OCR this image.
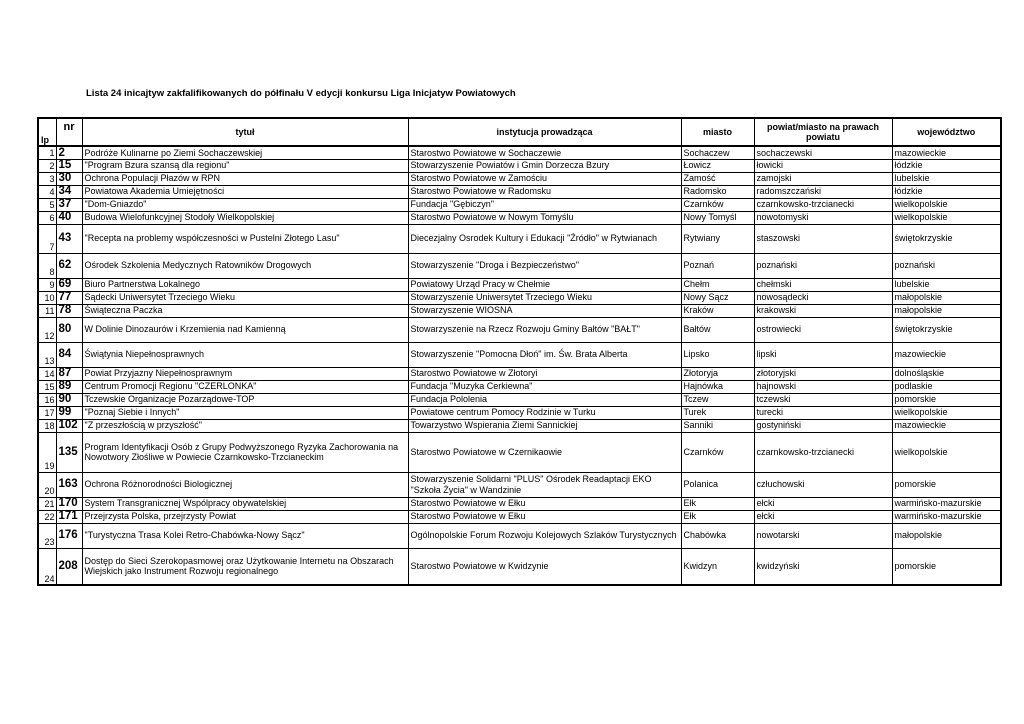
Lista 24 inicajtyw zakfalifikowanych do półfinału V edycji konkursu Liga Inicjatyw Powiatowych
lp	nr	tytuł	instytucja prowadząca	miasto	powiat/miasto na prawach powiatu	województwo
1	2	Podróże Kulinarne po Ziemi Sochaczewskiej	Starostwo Powiatowe w Sochaczewie	Sochaczew	sochaczewski	mazowieckie
2	15	"Program Bzura szansą dla regionu"	Stowarzyszenie Powiatów i Gmin Dorzecza Bzury	Łowicz	łowicki	łódzkie
3	30	Ochrona Populacji Płazów w RPN	Starostwo Powiatowe w Zamościu	Zamość	zamojski	lubelskie
4	34	Powiatowa Akademia Umiejętności	Starostwo Powiatowe w Radomsku	Radomsko	radomszczański	łódzkie
5	37	"Dom-Gniazdo"	Fundacja "Gębiczyn"	Czarnków	czarnkowsko-trzcianecki	wielkopolskie
6	40	Budowa Wielofunkcyjnej Stodoły Wielkopolskiej	Starostwo Powiatowe w Nowym Tomyślu	Nowy Tomyśl	nowotomyski	wielkopolskie
7	43	"Recepta na problemy współczesności w Pustelni Złotego Lasu"	Diecezjalny Osrodek Kultury i Edukacji "Źródło" w Rytwianach	Rytwiany	staszowski	świętokrzyskie
8	62	Ośrodek Szkolenia Medycznych Ratowników Drogowych	Stowarzyszenie "Droga i Bezpieczeństwo"	Poznań	poznański	poznański
9	69	Biuro Partnerstwa Lokalnego	Powiatowy Urząd Pracy w Chełmie	Chełm	chełmski	lubelskie
10	77	Sądecki Uniwersytet Trzeciego Wieku	Stowarzyszenie Uniwersytet Trzeciego Wieku	Nowy Sącz	nowosądecki	małopolskie
11	78	Świąteczna Paczka	Stowarzyszenie WIOSNA	Kraków	krakowski	małopolskie
12	80	W Dolinie Dinozaurów i Krzemienia nad Kamienną	Stowarzyszenie na Rzecz Rozwoju Gminy Bałtów "BAŁT"	Bałtów	ostrowiecki	świętokrzyskie
13	84	Świątynia Niepełnosprawnych	Stowarzyszenie "Pomocna Dłoń" im. Św. Brata Alberta	Lipsko	lipski	mazowieckie
14	87	Powiat Przyjazny Niepełnosprawnym	Starostwo Powiatowe w Złotoryi	Złotoryja	złotoryjski	dolnośląskie
15	89	Centrum Promocji Regionu "CZERLONKA"	Fundacja "Muzyka Cerkiewna"	Hajnówka	hajnowski	podlaskie
16	90	Tczewskie Organizacje Pozarządowe-TOP	Fundacja Pololenia	Tczew	tczewski	pomorskie
17	99	"Poznaj Siebie i Innych"	Powiatowe centrum Pomocy Rodzinie w Turku	Turek	turecki	wielkopolskie
18	102	"Z przeszłością w przyszłość"	Towarzystwo Wspierania Ziemi Sannickiej	Sanniki	gostyniński	mazowieckie
19	135	Program Identyfikacji Osób z Grupy Podwyższonego Ryzyka Zachorowania na Nowotwory Złośliwe w Powiecie Czarnkowsko-Trzcianeckim	Starostwo Powiatowe w Czernikaowie	Czarnków	czarnkowsko-trzcianecki	wielkopolskie
20	163	Ochrona Różnorodności Biologicznej	Stowarzyszenie Solidarni "PLUS" Ośrodek Readaptacji EKO "Szkoła Życia" w Wandzinie	Polanica	człuchowski	pomorskie
21	170	System Transgranicznej Wspólpracy obywatelskiej	Starostwo Powiatowe w Ełku	Ełk	ełcki	warmińsko-mazurskie
22	171	Przejrzysta Polska, przejrzysty Powiat	Starostwo Powiatowe w Ełku	Ełk	ełcki	warmińsko-mazurskie
23	176	"Turystyczna Trasa Kolei Retro-Chabówka-Nowy Sącz"	Ogólnopolskie Forum Rozwoju Kolejowych Szlaków Turystycznych	Chabówka	nowotarski	małopolskie
24	208	Dostęp do Sieci Szerokopasmowej oraz Użytkowanie Internetu na Obszarach Wiejskich jako Instrument Rozwoju regionalnego	Starostwo Powiatowe w Kwidzynie	Kwidzyn	kwidzyński	pomorskie
